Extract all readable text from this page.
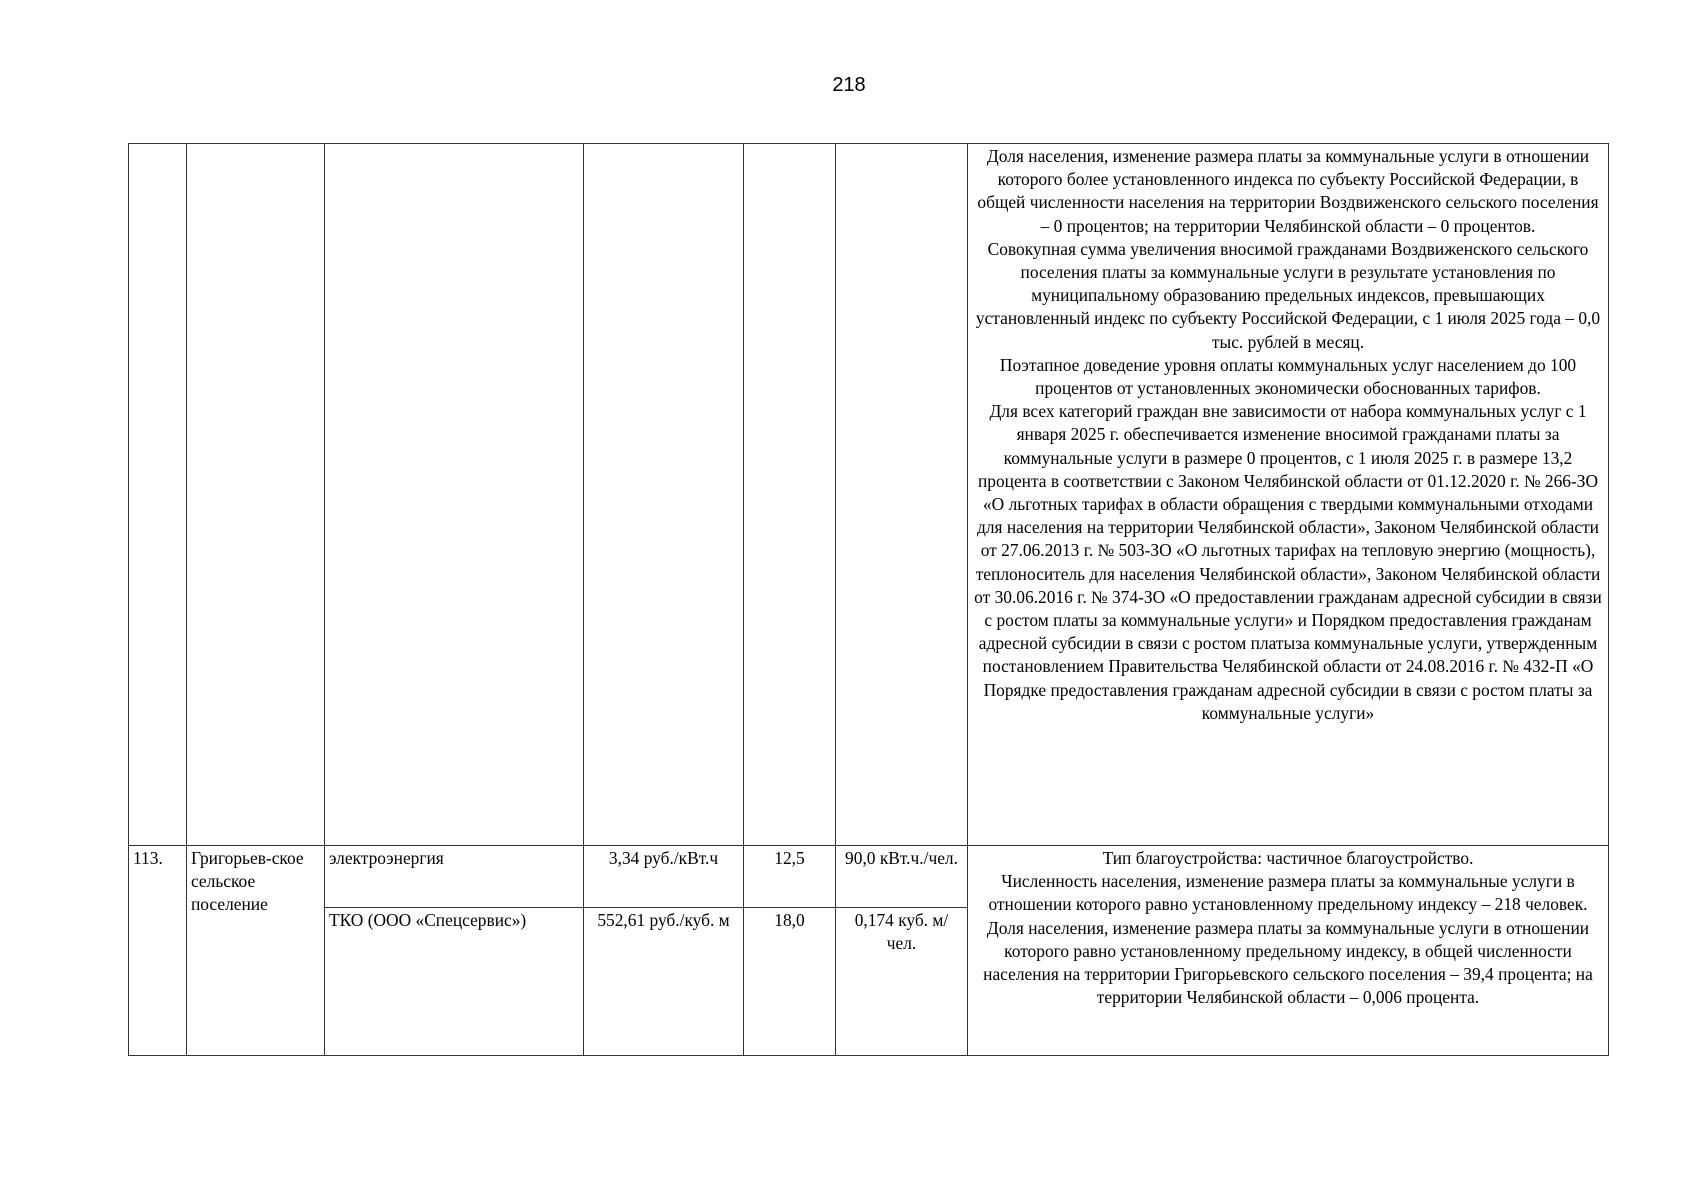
218

						Доля населения, изменение размера платы за коммунальные услуги в отношении которого более установленного индекса по субъекту Российской Федерации, в общей численности населения на территории Воздвиженского сельского поселения – 0 процентов; на территории Челябинской области – 0 процентов.

Совокупная сумма увеличения вносимой гражданами Воздвиженского сельского поселения платы за коммунальные услуги в результате установления по муниципальному образованию предельных индексов, превышающих установленный индекс по субъекту Российской Федерации, с 1 июля 2025 года – 0,0 тыс. рублей в месяц.

Поэтапное доведение уровня оплаты коммунальных услуг населением до 100 процентов от установленных экономически обоснованных тарифов.

Для всех категорий граждан вне зависимости от набора коммунальных услуг с 1 января 2025 г. обеспечивается изменение вносимой гражданами платы за коммунальные услуги в размере 0 процентов, с 1 июля 2025 г. в размере 13,2 процента в соответствии с Законом Челябинской области от 01.12.2020 г. № 266-ЗО «О льготных тарифах в области обращения с твердыми коммунальными отходами для населения на территории Челябинской области», Законом Челябинской области от 27.06.2013 г. № 503-ЗО «О льготных тарифах на тепловую энергию (мощность), теплоноситель для населения Челябинской области», Законом Челябинской области от 30.06.2016 г. № 374-ЗО «О предоставлении гражданам адресной субсидии в связи с ростом платы за коммунальные услуги» и Порядком предоставления гражданам адресной субсидии в связи с ростом платыза коммунальные услуги, утвержденным постановлением Правительства Челябинской области от 24.08.2016 г. № 432-П «О Порядке предоставления гражданам адресной субсидии в связи с ростом платы за коммунальные услуги»

113.	Григорьев-ское сельское поселение	электроэнергия	3,34 руб./кВт.ч	12,5	90,0 кВт.ч./чел.	Тип благоустройства: частичное благоустройство.

Численность населения, изменение размера платы за коммунальные услуги в отношении которого равно установленному предельному индексу – 218 человек.

Доля населения, изменение размера платы за коммунальные услуги в отношении которого равно установленному предельному индексу, в общей численности населения на территории Григорьевского сельского поселения – 39,4 процента; на территории Челябинской области – 0,006 процента.

		ТКО (ООО «Спецсервис»)	552,61 руб./куб. м	18,0	0,174 куб. м/чел.	
